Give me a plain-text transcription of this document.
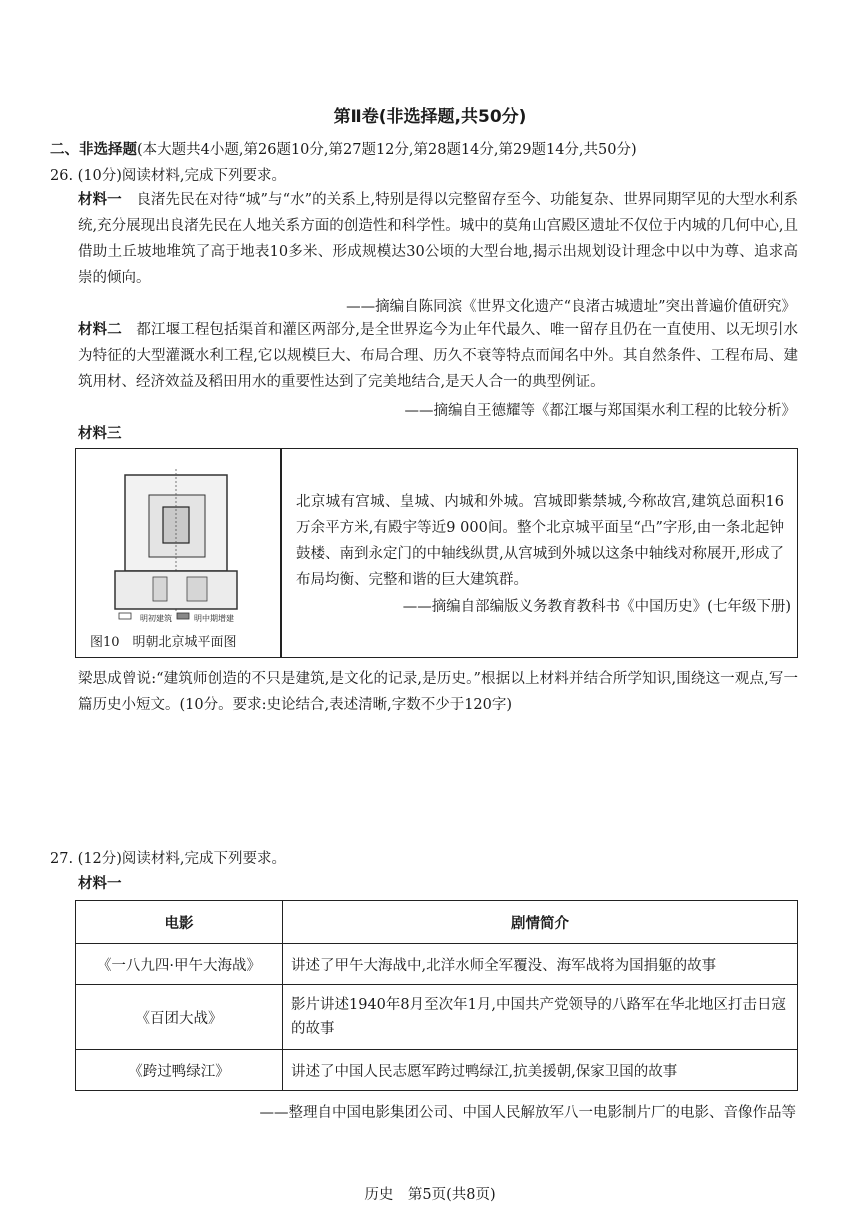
第Ⅱ卷(非选择题,共50分)
二、非选择题(本大题共4小题,第26题10分,第27题12分,第28题14分,第29题14分,共50分)
26. (10分)阅读材料,完成下列要求。
材料一　 良渚先民在对待“城”与“水”的关系上,特别是得以完整留存至今、功能复杂、世界同期罕见的大型水利系统,充分展现出良渚先民在人地关系方面的创造性和科学性。城中的莫角山宫殿区遗址不仅位于内城的几何中心,且借助土丘坡地堆筑了高于地表10多米、形成规模达30公顷的大型台地,揭示出规划设计理念中以中为尊、追求高崇的倾向。
——摘编自陈同滨《世界文化遗产“良渚古城遗址”突出普遍价值研究》
材料二　 都江堰工程包括渠首和灌区两部分,是全世界迄今为止年代最久、唯一留存且仍在一直使用、以无坝引水为特征的大型灌溉水利工程,它以规模巨大、布局合理、历久不衰等特点而闻名中外。其自然条件、工程布局、建筑用材、经济效益及稻田用水的重要性达到了完美地结合,是天人合一的典型例证。
——摘编自王德耀等《都江堰与郑国渠水利工程的比较分析》
材料三
明初建筑	明中期增建
图10　明朝北京城平面图
北京城有宫城、皇城、内城和外城。宫城即紫禁城,今称故宫,建筑总面积16万余平方米,有殿宇等近9 000间。整个北京城平面呈“凸”字形,由一条北起钟鼓楼、南到永定门的中轴线纵贯,从宫城到外城以这条中轴线对称展开,形成了布局均衡、完整和谐的巨大建筑群。
——摘编自部编版义务教育教科书《中国历史》(七年级下册)
梁思成曾说:“建筑师创造的不只是建筑,是文化的记录,是历史。”根据以上材料并结合所学知识,围绕这一观点,写一篇历史小短文。(10分。要求:史论结合,表述清晰,字数不少于120字)
27. (12分)阅读材料,完成下列要求。
材料一
电影	剧情简介
《一八九四·甲午大海战》	讲述了甲午大海战中,北洋水师全军覆没、海军战将为国捐躯的故事
《百团大战》	影片讲述1940年8月至次年1月,中国共产党领导的八路军在华北地区打击日寇的故事
《跨过鸭绿江》	讲述了中国人民志愿军跨过鸭绿江,抗美援朝,保家卫国的故事
——整理自中国电影集团公司、中国人民解放军八一电影制片厂的电影、音像作品等
历史　第5页(共8页)
